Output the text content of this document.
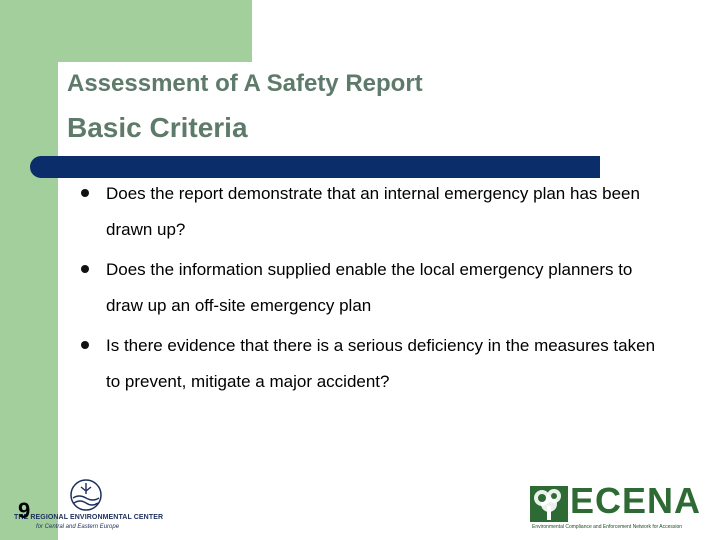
Assessment of A Safety Report
Basic Criteria
Does the report demonstrate that an internal emergency plan has been drawn up?
Does the information supplied enable the local emergency planners to draw up an off-site emergency plan
Is there evidence that there is a serious deficiency in the measures taken to prevent, mitigate a major accident?
THE REGIONAL ENVIRONMENTAL CENTER
for Central and Eastern Europe
9	ECENA
Environmental Compliance and Enforcement Network for Accession
